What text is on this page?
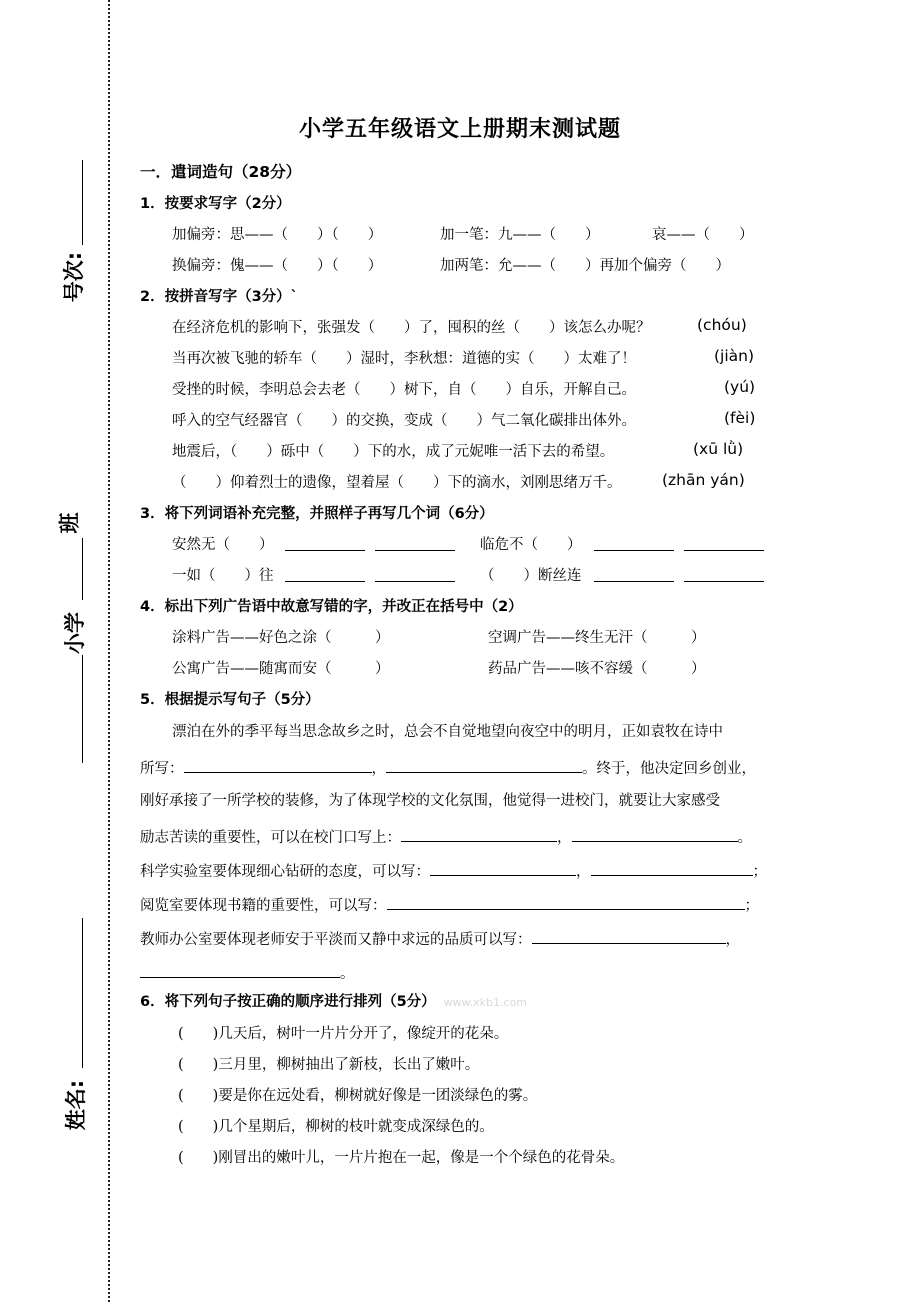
号次:
班
小学
姓名:
小学五年级语文上册期末测试题
一．遣词造句（28分）
1．按要求写字（2分）
加偏旁：思——（　　）（　　）	加一笔：九——（　　）	哀——（　　）
换偏旁：傀——（　　）（　　）	加两笔：允——（　　）再加个偏旁（　　）
2．按拼音写字（3分）`
在经济危机的影响下，张强发（　　）了，囤积的丝（　　）该怎么办呢？	(chóu)
当再次被飞驰的轿车（　　）湿时，李秋想：道德的实（　　）太难了！	(jiàn)
受挫的时候，李明总会去老（　　）树下，自（　　）自乐，开解自己。	(yú)
呼入的空气经器官（　　）的交换，变成（　　）气二氧化碳排出体外。	(fèi)
地震后，（　　）砾中（　　）下的水，成了元妮唯一活下去的希望。	(xū lǜ)
（　　）仰着烈士的遗像，望着屋（　　）下的滴水，刘刚思绪万千。	(zhān yán)
3．将下列词语补充完整，并照样子再写几个词（6分）
安然无（　　）	临危不（　　）
一如（　　）往	（　　）断丝连
4．标出下列广告语中故意写错的字，并改正在括号中（2）
涂料广告——好色之涂（　　　）	空调广告——终生无汗（　　　）
公寓广告——随寓而安（　　　）	药品广告——咳不容缓（　　　）
5．根据提示写句子（5分）
漂泊在外的季平每当思念故乡之时，总会不自觉地望向夜空中的明月，正如袁牧在诗中
所写：	，	。终于，他决定回乡创业，
刚好承接了一所学校的装修，为了体现学校的文化氛围，他觉得一进校门，就要让大家感受
励志苦读的重要性，可以在校门口写上：	，	。
科学实验室要体现细心钻研的态度，可以写：	，	；
阅览室要体现书籍的重要性，可以写：	；
教师办公室要体现老师安于平淡而又静中求远的品质可以写：	，
。
6．将下列句子按正确的顺序进行排列（5分） www.xkb1.com
(　　)几天后，树叶一片片分开了，像绽开的花朵。
(　　)三月里，柳树抽出了新枝，长出了嫩叶。
(　　)要是你在远处看，柳树就好像是一团淡绿色的雾。
(　　)几个星期后，柳树的枝叶就变成深绿色的。
(　　)刚冒出的嫩叶儿，一片片抱在一起，像是一个个绿色的花骨朵。
